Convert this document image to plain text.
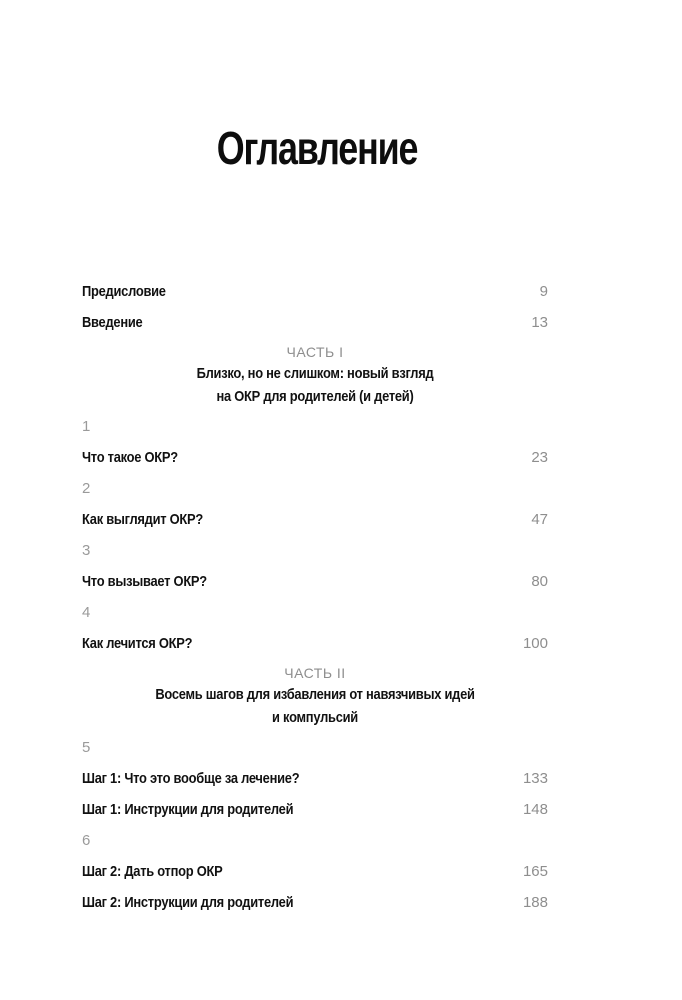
Оглавление
Предисловие	9
Введение	13
ЧАСТЬ I
Близко, но не слишком: новый взгляд
на ОКР для родителей (и детей)
1
Что такое ОКР?	23
2
Как выглядит ОКР?	47
3
Что вызывает ОКР?	80
4
Как лечится ОКР?	100
ЧАСТЬ II
Восемь шагов для избавления от навязчивых идей
и компульсий
5
Шаг 1: Что это вообще за лечение?	133
Шаг 1: Инструкции для родителей	148
6
Шаг 2: Дать отпор ОКР	165
Шаг 2: Инструкции для родителей	188
